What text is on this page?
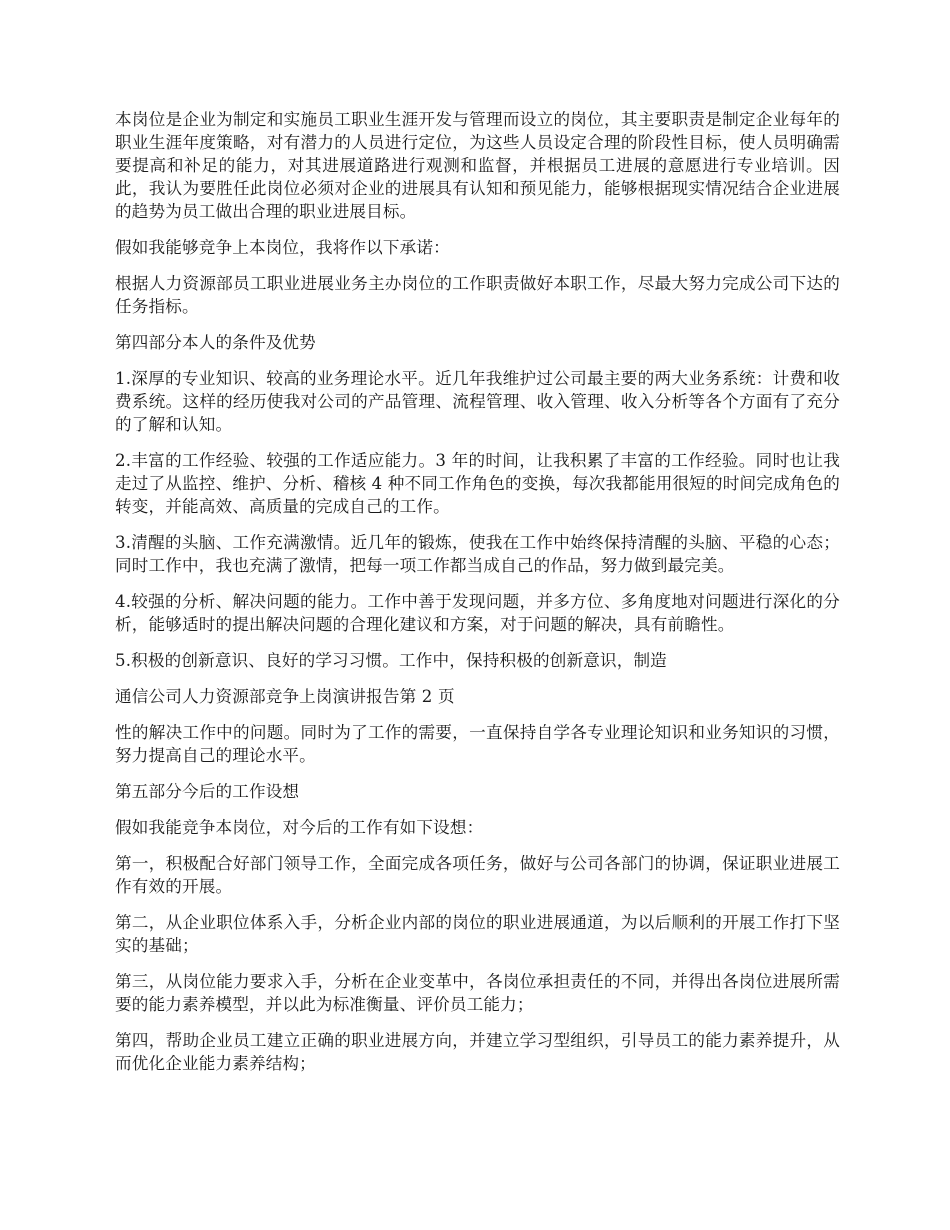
本岗位是企业为制定和实施员工职业生涯开发与管理而设立的岗位，其主要职责是制定企业每年的职业生涯年度策略，对有潜力的人员进行定位，为这些人员设定合理的阶段性目标，使人员明确需要提高和补足的能力，对其进展道路进行观测和监督，并根据员工进展的意愿进行专业培训。因此，我认为要胜任此岗位必须对企业的进展具有认知和预见能力，能够根据现实情况结合企业进展的趋势为员工做出合理的职业进展目标。

假如我能够竞争上本岗位，我将作以下承诺：

根据人力资源部员工职业进展业务主办岗位的工作职责做好本职工作，尽最大努力完成公司下达的任务指标。

第四部分本人的条件及优势

1.深厚的专业知识、较高的业务理论水平。近几年我维护过公司最主要的两大业务系统：计费和收费系统。这样的经历使我对公司的产品管理、流程管理、收入管理、收入分析等各个方面有了充分的了解和认知。

2.丰富的工作经验、较强的工作适应能力。3 年的时间，让我积累了丰富的工作经验。同时也让我走过了从监控、维护、分析、稽核 4 种不同工作角色的变换，每次我都能用很短的时间完成角色的转变，并能高效、高质量的完成自己的工作。

3.清醒的头脑、工作充满激情。近几年的锻炼，使我在工作中始终保持清醒的头脑、平稳的心态；同时工作中，我也充满了激情，把每一项工作都当成自己的作品，努力做到最完美。

4.较强的分析、解决问题的能力。工作中善于发现问题，并多方位、多角度地对问题进行深化的分析，能够适时的提出解决问题的合理化建议和方案，对于问题的解决，具有前瞻性。

5.积极的创新意识、良好的学习习惯。工作中，保持积极的创新意识，制造

通信公司人力资源部竞争上岗演讲报告第 2 页

性的解决工作中的问题。同时为了工作的需要，一直保持自学各专业理论知识和业务知识的习惯，努力提高自己的理论水平。

第五部分今后的工作设想

假如我能竞争本岗位，对今后的工作有如下设想：

第一，积极配合好部门领导工作，全面完成各项任务，做好与公司各部门的协调，保证职业进展工作有效的开展。

第二，从企业职位体系入手，分析企业内部的岗位的职业进展通道，为以后顺利的开展工作打下坚实的基础；

第三，从岗位能力要求入手，分析在企业变革中，各岗位承担责任的不同，并得出各岗位进展所需要的能力素养模型，并以此为标准衡量、评价员工能力；

第四，帮助企业员工建立正确的职业进展方向，并建立学习型组织，引导员工的能力素养提升，从而优化企业能力素养结构；
